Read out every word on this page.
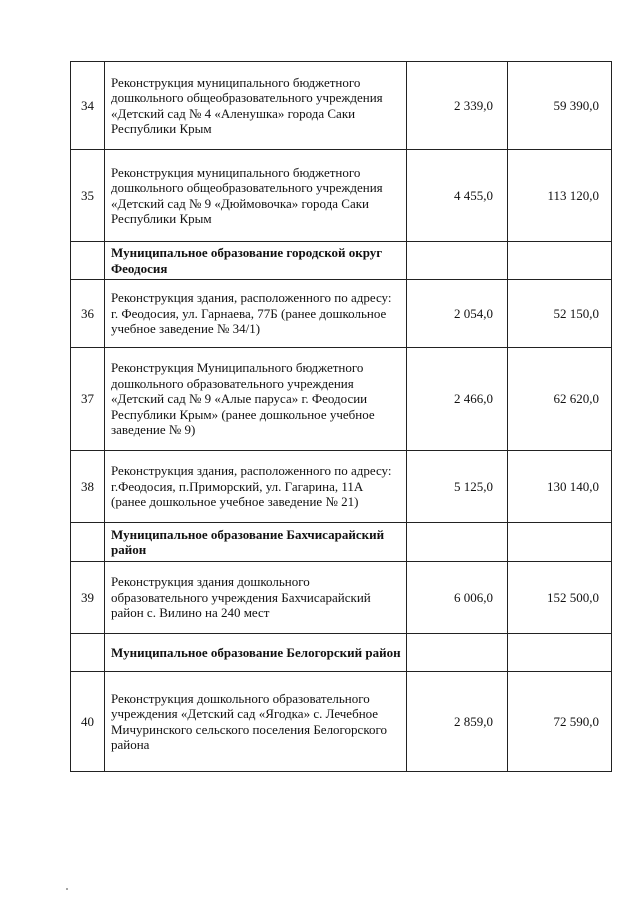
34	Реконструкция муниципального бюджетного дошкольного общеобразовательного учреждения «Детский сад № 4 «Аленушка» города Саки Республики Крым	2 339,0	59 390,0
35	Реконструкция муниципального бюджетного дошкольного общеобразовательного учреждения «Детский сад № 9 «Дюймовочка» города Саки Республики Крым	4 455,0	113 120,0
	Муниципальное образование городской округ Феодосия		
36	Реконструкция здания, расположенного по адресу: г. Феодосия, ул. Гарнаева, 77Б (ранее дошкольное учебное заведение № 34/1)	2 054,0	52 150,0
37	Реконструкция Муниципального бюджетного дошкольного образовательного учреждения «Детский сад № 9 «Алые паруса» г. Феодосии Республики Крым» (ранее дошкольное учебное заведение № 9)	2 466,0	62 620,0
38	Реконструкция здания, расположенного по адресу: г.Феодосия, п.Приморский, ул. Гагарина, 11А (ранее дошкольное учебное заведение № 21)	5 125,0	130 140,0
	Муниципальное образование Бахчисарайский район		
39	Реконструкция здания дошкольного образовательного учреждения Бахчисарайский район с. Вилино на 240 мест	6 006,0	152 500,0
	Муниципальное образование Белогорский район		
40	Реконструкция дошкольного образовательного учреждения «Детский сад «Ягодка» с. Лечебное Мичуринского сельского поселения Белогорского района	2 859,0	72 590,0
